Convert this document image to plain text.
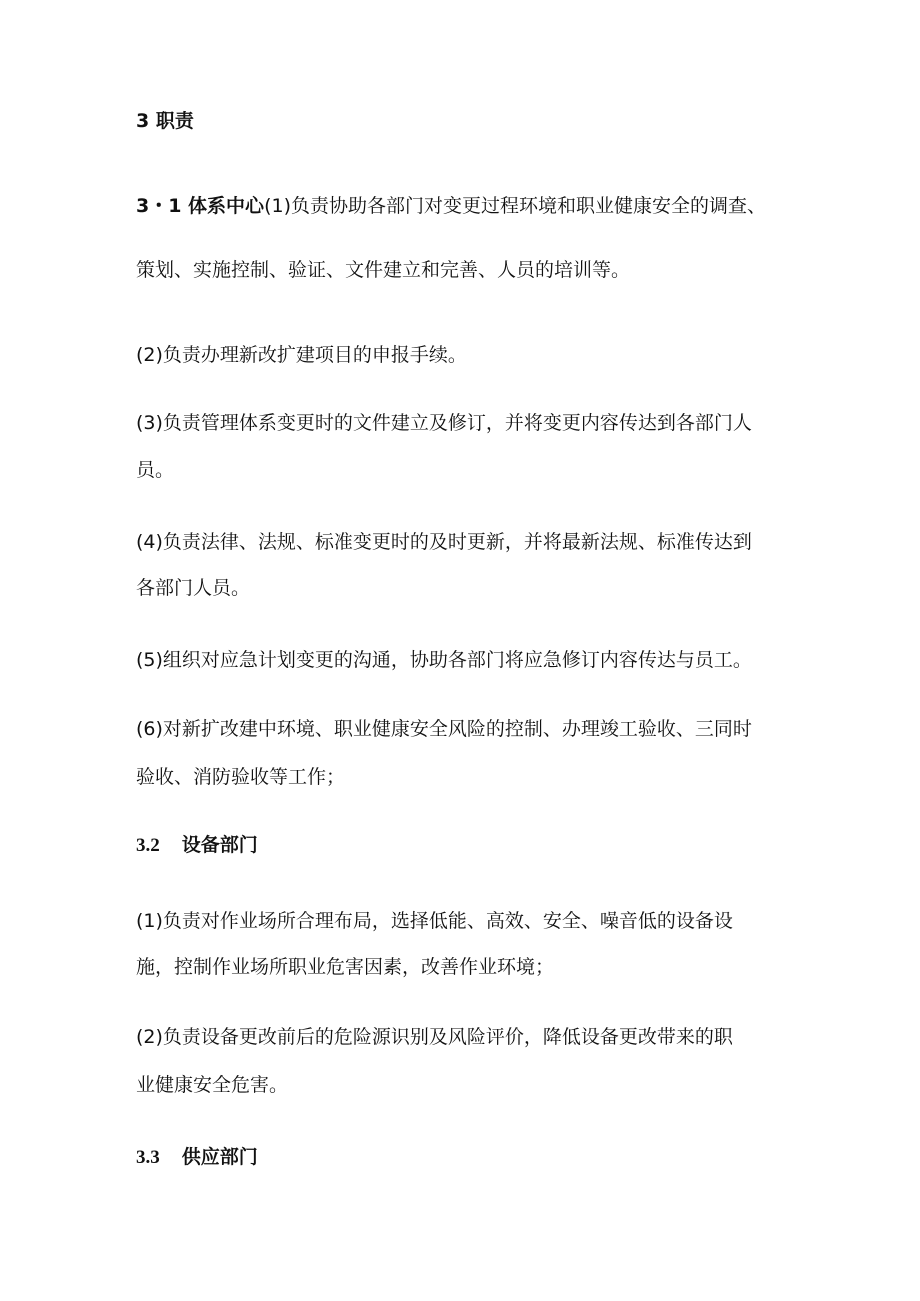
3 职责
3・1 体系中心(1)负责协助各部门对变更过程环境和职业健康安全的调查、
策划、实施控制、验证、文件建立和完善、人员的培训等。
(2)负责办理新改扩建项目的申报手续。
(3)负责管理体系变更时的文件建立及修订，并将变更内容传达到各部门人
员。
(4)负责法律、法规、标准变更时的及时更新，并将最新法规、标准传达到
各部门人员。
(5)组织对应急计划变更的沟通，协助各部门将应急修订内容传达与员工。
(6)对新扩改建中环境、职业健康安全风险的控制、办理竣工验收、三同时
验收、消防验收等工作；
3.2 设备部门
(1)负责对作业场所合理布局，选择低能、高效、安全、噪音低的设备设
施，控制作业场所职业危害因素，改善作业环境；
(2)负责设备更改前后的危险源识别及风险评价，降低设备更改带来的职
业健康安全危害。
3.3 供应部门
